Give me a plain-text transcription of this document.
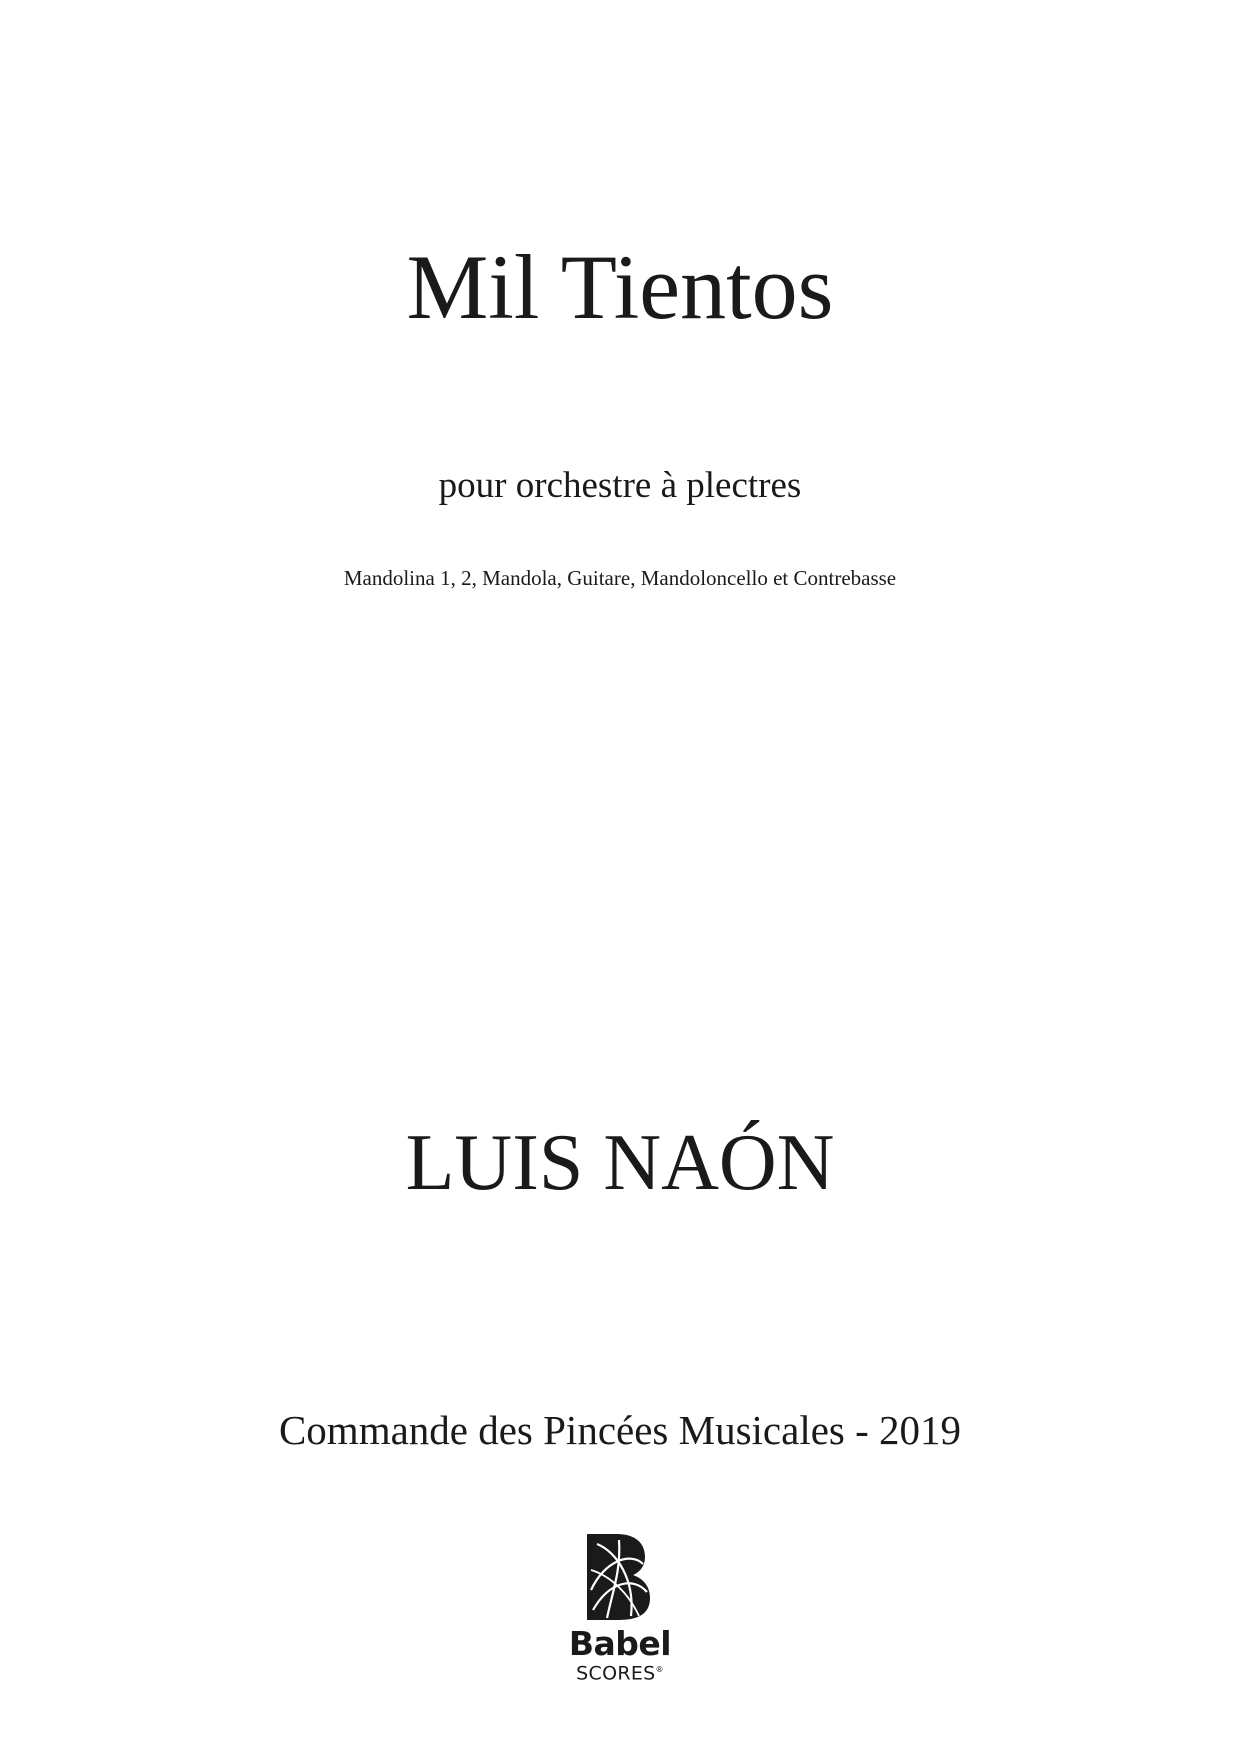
Mil Tientos
pour orchestre à plectres
Mandolina 1, 2, Mandola, Guitare, Mandoloncello et Contrebasse
LUIS NAÓN
Commande des Pincées Musicales - 2019
Babel
SCORES®
